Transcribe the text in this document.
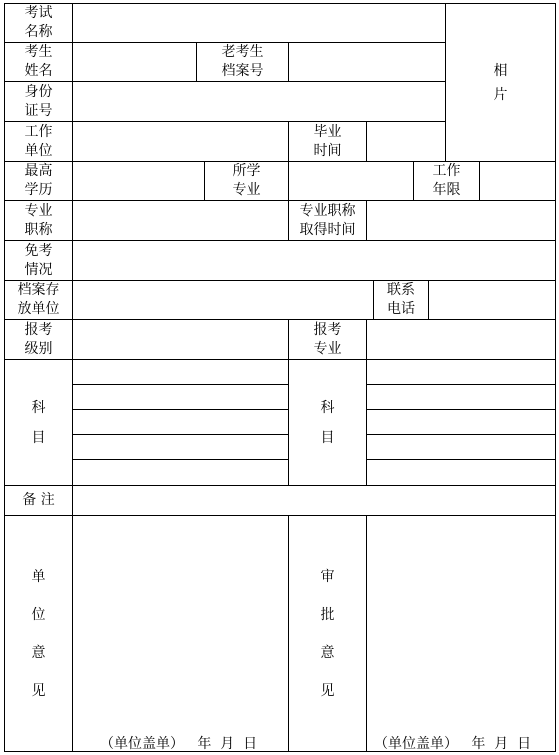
考试
名称
相
片
考生
姓名
老考生
档案号
身份
证号
工作
单位
毕业
时间
最高
学历
所学
专业
工作
年限
专业
职称
专业职称
取得时间
免考
情况
档案存
放单位
联系
电话
报考
级别
报考
专业
科
目
科
目
备 注
单
位
意
见
审
批
意
见
（单位盖单）   年  月  日	（单位盖单）   年  月  日
